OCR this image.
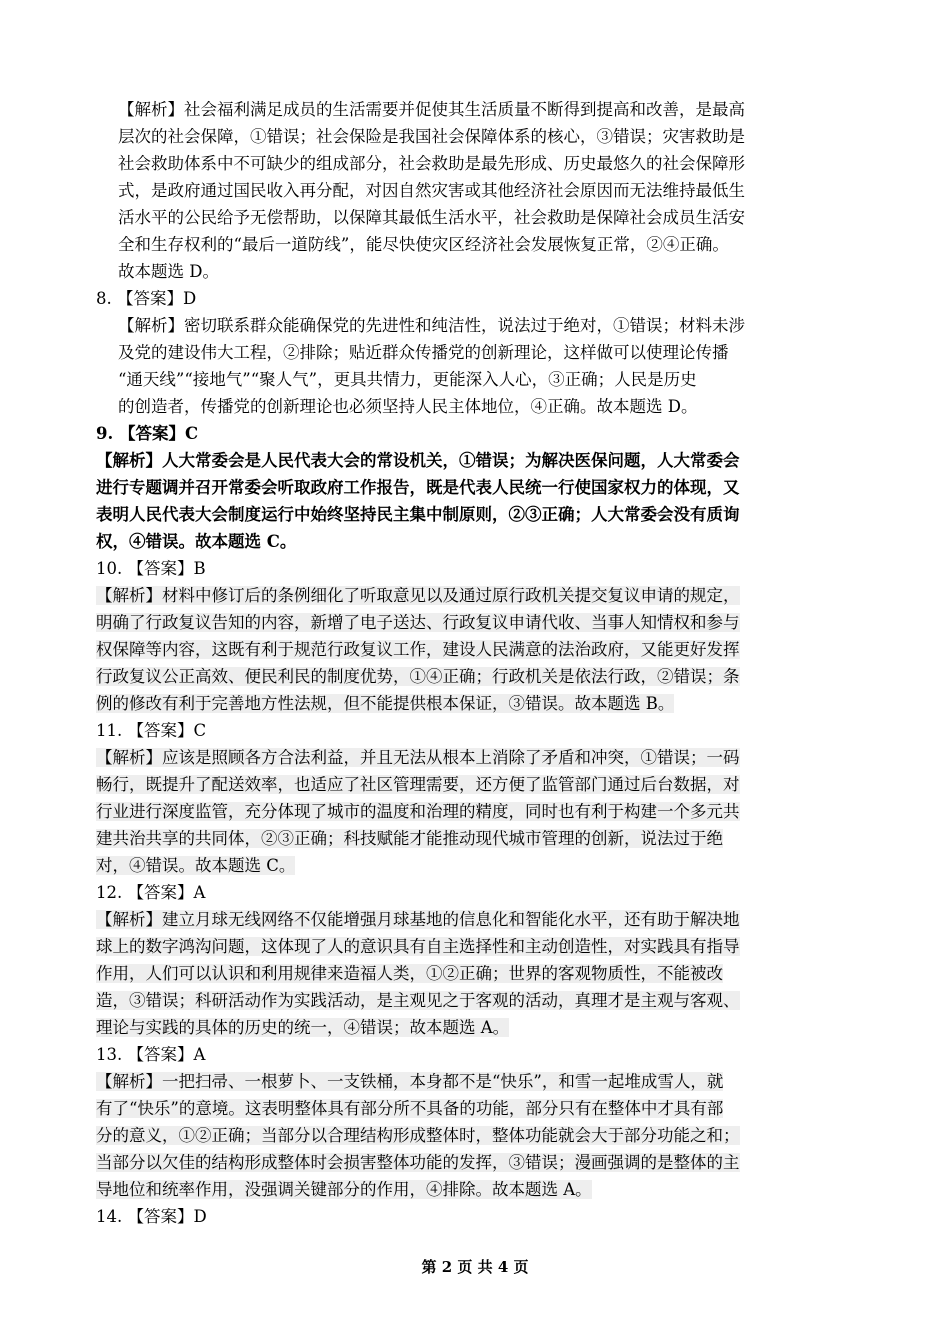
【解析】社会福利满足成员的生活需要并促使其生活质量不断得到提高和改善，是最高
层次的社会保障，①错误；社会保险是我国社会保障体系的核心，③错误；灾害救助是
社会救助体系中不可缺少的组成部分，社会救助是最先形成、历史最悠久的社会保障形
式，是政府通过国民收入再分配，对因自然灾害或其他经济社会原因而无法维持最低生
活水平的公民给予无偿帮助，以保障其最低生活水平，社会救助是保障社会成员生活安
全和生存权利的“最后一道防线”，能尽快使灾区经济社会发展恢复正常，②④正确。
故本题选 D。
8. 【答案】D
【解析】密切联系群众能确保党的先进性和纯洁性，说法过于绝对，①错误；材料未涉
及党的建设伟大工程，②排除；贴近群众传播党的创新理论，这样做可以使理论传播
“通天线”“接地气”“聚人气”，更具共情力，更能深入人心，③正确；人民是历史
的创造者，传播党的创新理论也必须坚持人民主体地位，④正确。故本题选 D。
9. 【答案】C
【解析】人大常委会是人民代表大会的常设机关，①错误；为解决医保问题，人大常委会
进行专题调并召开常委会听取政府工作报告，既是代表人民统一行使国家权力的体现，又
表明人民代表大会制度运行中始终坚持民主集中制原则，②③正确；人大常委会没有质询
权，④错误。故本题选 C。
10. 【答案】B
【解析】材料中修订后的条例细化了听取意见以及通过原行政机关提交复议申请的规定，
明确了行政复议告知的内容，新增了电子送达、行政复议申请代收、当事人知情权和参与
权保障等内容，这既有利于规范行政复议工作，建设人民满意的法治政府，又能更好发挥
行政复议公正高效、便民利民的制度优势，①④正确；行政机关是依法行政，②错误；条
例的修改有利于完善地方性法规，但不能提供根本保证，③错误。故本题选 B。
11. 【答案】C
【解析】应该是照顾各方合法利益，并且无法从根本上消除了矛盾和冲突，①错误；一码
畅行，既提升了配送效率，也适应了社区管理需要，还方便了监管部门通过后台数据，对
行业进行深度监管，充分体现了城市的温度和治理的精度，同时也有利于构建一个多元共
建共治共享的共同体，②③正确；科技赋能才能推动现代城市管理的创新，说法过于绝
对，④错误。故本题选 C。
12. 【答案】A
【解析】建立月球无线网络不仅能增强月球基地的信息化和智能化水平，还有助于解决地
球上的数字鸿沟问题，这体现了人的意识具有自主选择性和主动创造性，对实践具有指导
作用，人们可以认识和利用规律来造福人类，①②正确；世界的客观物质性，不能被改
造，③错误；科研活动作为实践活动，是主观见之于客观的活动，真理才是主观与客观、
理论与实践的具体的历史的统一，④错误；故本题选 A。
13. 【答案】A
【解析】一把扫帚、一根萝卜、一支铁桶，本身都不是“快乐”，和雪一起堆成雪人，就
有了“快乐”的意境。这表明整体具有部分所不具备的功能，部分只有在整体中才具有部
分的意义，①②正确；当部分以合理结构形成整体时，整体功能就会大于部分功能之和；
当部分以欠佳的结构形成整体时会损害整体功能的发挥，③错误；漫画强调的是整体的主
导地位和统率作用，没强调关键部分的作用，④排除。故本题选 A。
14. 【答案】D
第 2 页 共 4 页
